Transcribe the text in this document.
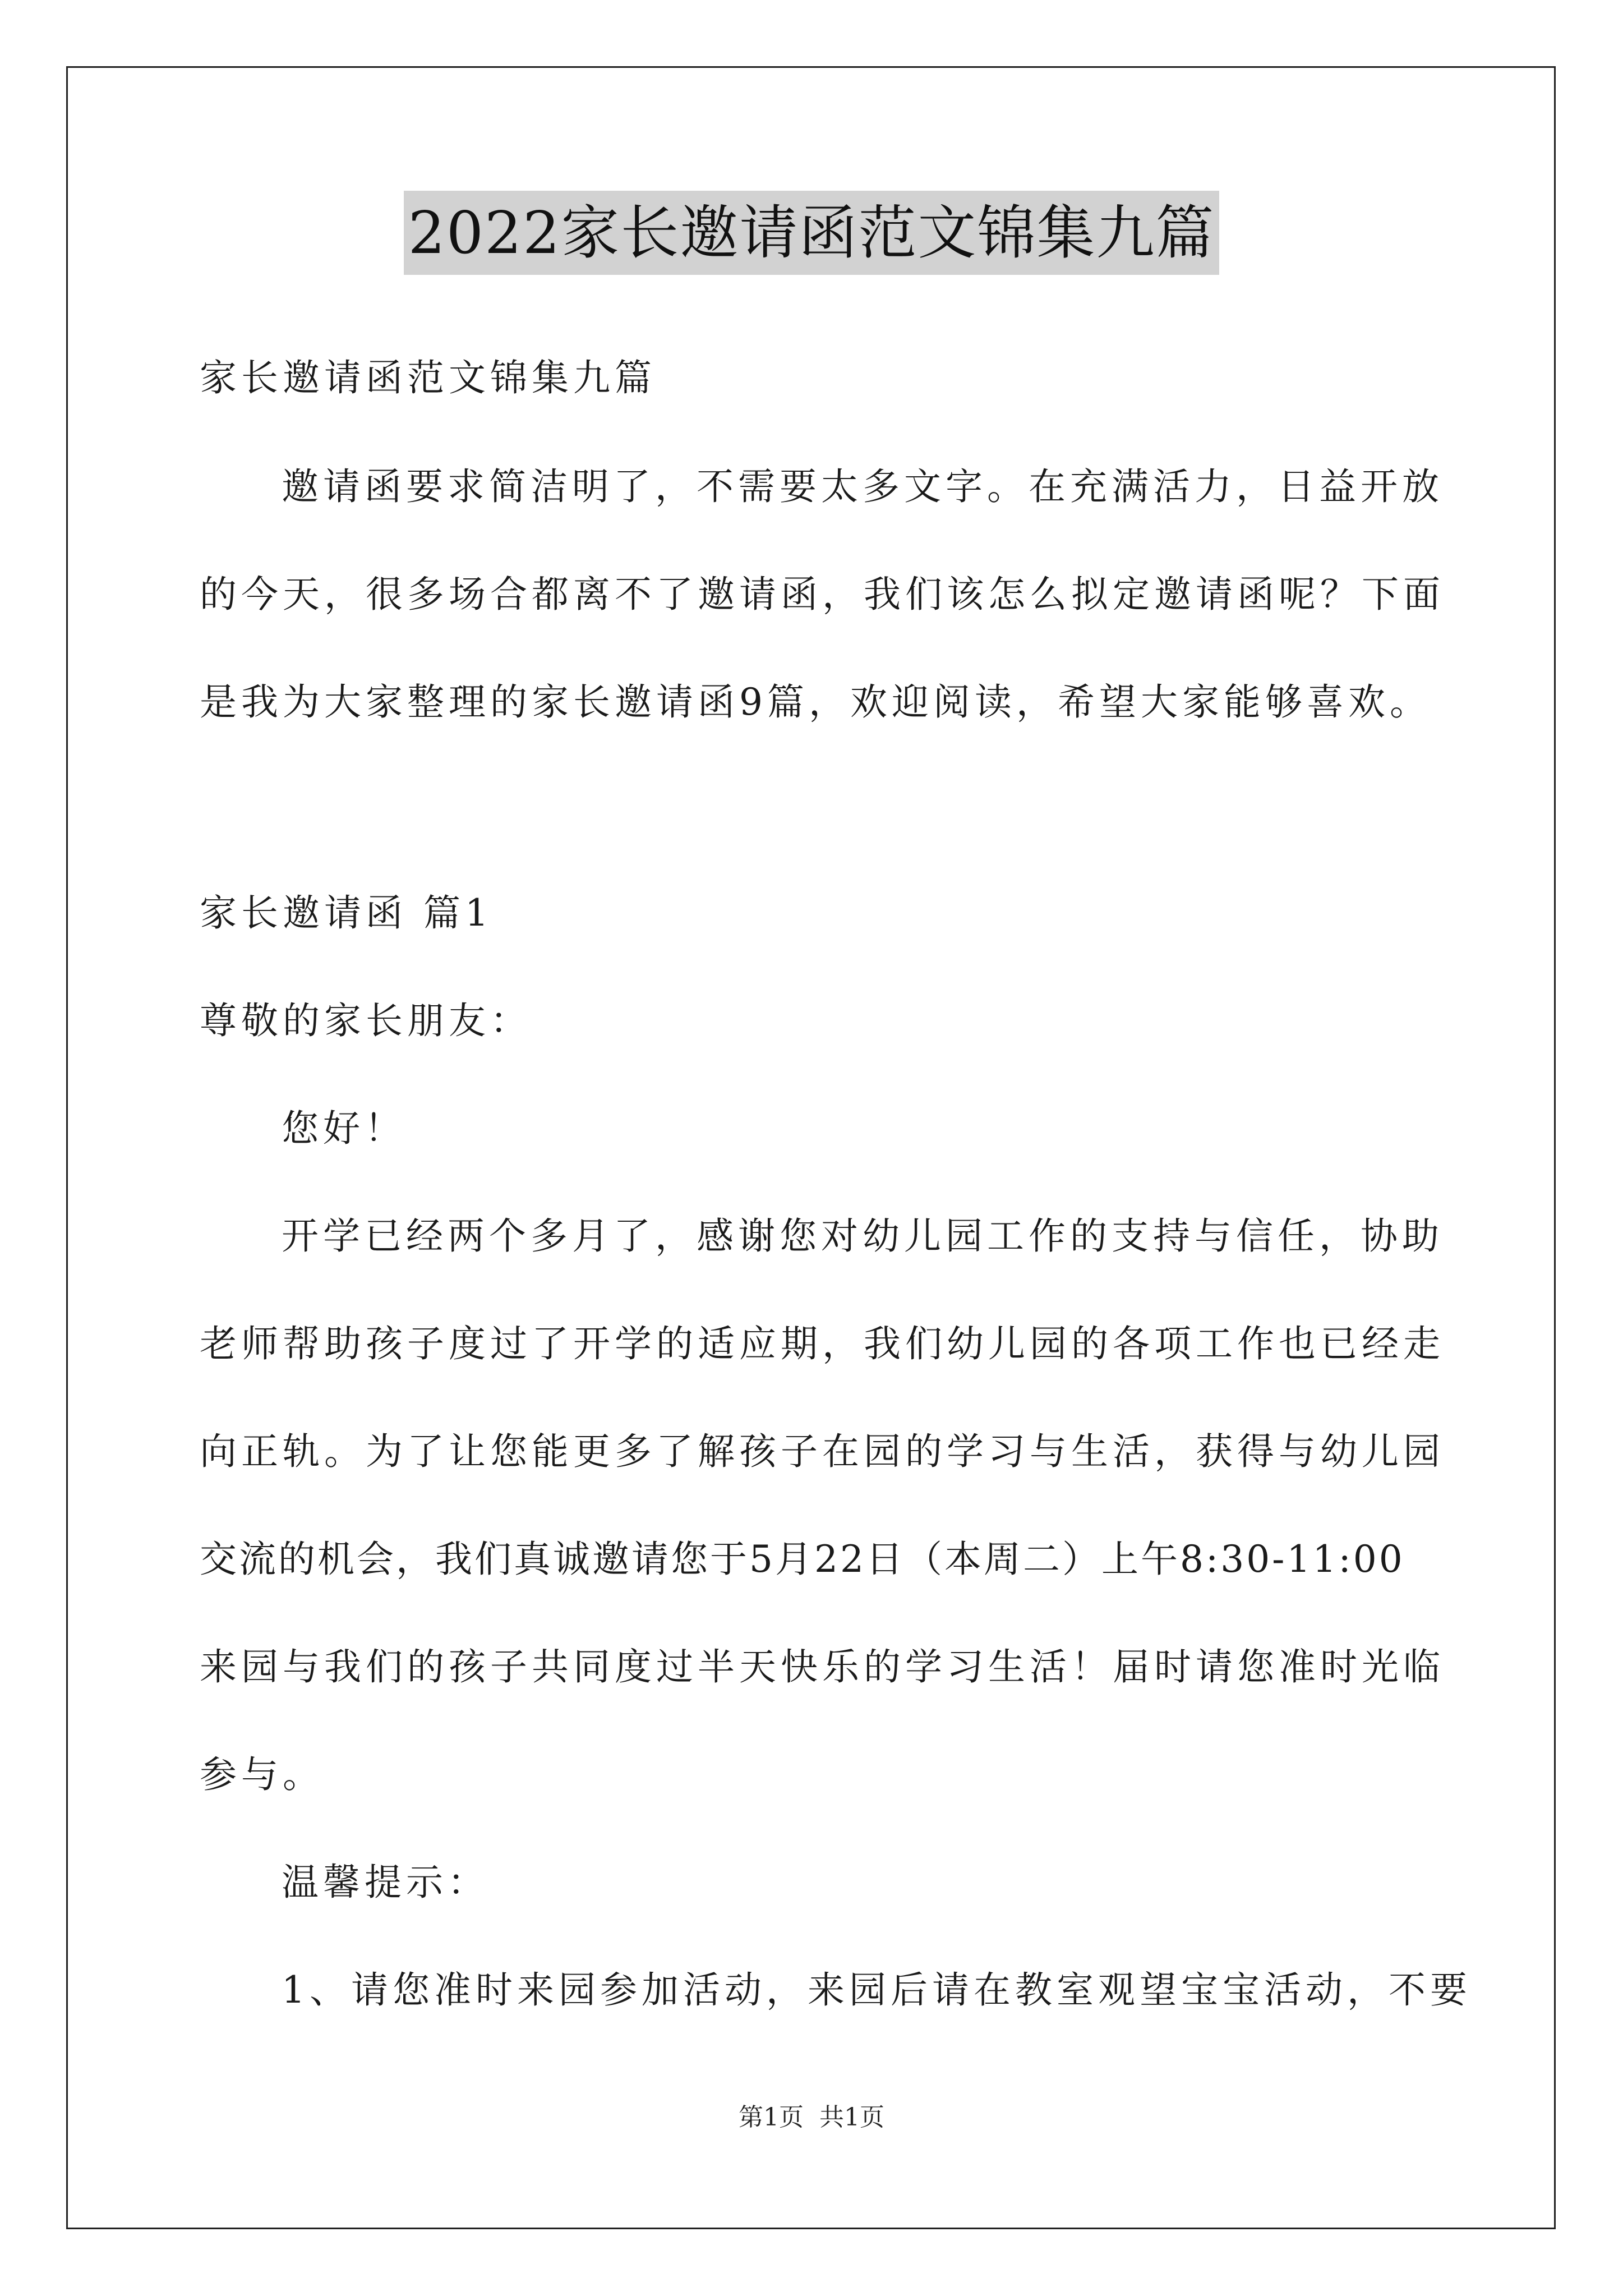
2022家长邀请函范文锦集九篇
家长邀请函范文锦集九篇
邀请函要求简洁明了，不需要太多文字。在充满活力，日益开放
的今天，很多场合都离不了邀请函，我们该怎么拟定邀请函呢？下面
是我为大家整理的家长邀请函9篇，欢迎阅读，希望大家能够喜欢。
家长邀请函 篇1
尊敬的家长朋友：
您好！
开学已经两个多月了，感谢您对幼儿园工作的支持与信任，协助
老师帮助孩子度过了开学的适应期，我们幼儿园的各项工作也已经走
向正轨。为了让您能更多了解孩子在园的学习与生活，获得与幼儿园
交流的机会，我们真诚邀请您于5月22日（本周二）上午8:30-11:00
来园与我们的孩子共同度过半天快乐的学习生活！届时请您准时光临
参与。
温馨提示：
1、请您准时来园参加活动，来园后请在教室观望宝宝活动，不要
第1页 共1页
